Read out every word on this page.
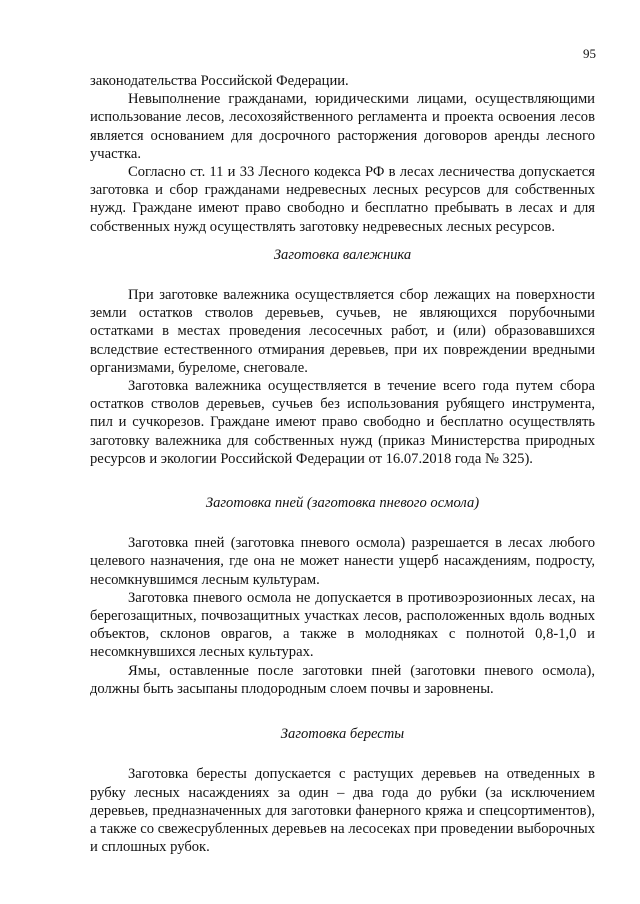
95

законодательства Российской Федерации.

Невыполнение гражданами, юридическими лицами, осуществляющими использование лесов, лесохозяйственного регламента и проекта освоения лесов является основанием для досрочного расторжения договоров аренды лесного участка.

Согласно ст. 11 и 33 Лесного кодекса РФ в лесах лесничества допускается заготовка и сбор гражданами недревесных лесных ресурсов для собственных нужд. Граждане имеют право свободно и бесплатно пребывать в лесах и для собственных нужд осуществлять заготовку недревесных лесных ресурсов.

Заготовка валежника

При заготовке валежника осуществляется сбор лежащих на поверхности земли остатков стволов деревьев, сучьев, не являющихся порубочными остатками в местах проведения лесосечных работ, и (или) образовавшихся вследствие естественного отмирания деревьев, при их повреждении вредными организмами, буреломе, снеговале.

Заготовка валежника осуществляется в течение всего года путем сбора остатков стволов деревьев, сучьев без использования рубящего инструмента, пил и сучкорезов. Граждане имеют право свободно и бесплатно осуществлять заготовку валежника для собственных нужд (приказ Министерства природных ресурсов и экологии Российской Федерации от 16.07.2018 года № 325).

Заготовка пней (заготовка пневого осмола)

Заготовка пней (заготовка пневого осмола) разрешается в лесах любого целевого назначения, где она не может нанести ущерб насаждениям, подросту, несомкнувшимся лесным культурам.

Заготовка пневого осмола не допускается в противоэрозионных лесах, на берегозащитных, почвозащитных участках лесов, расположенных вдоль водных объектов, склонов оврагов, а также в молодняках с полнотой 0,8-1,0 и несомкнувшихся лесных культурах.

Ямы, оставленные после заготовки пней (заготовки пневого осмола), должны быть засыпаны плодородным слоем почвы и заровнены.

Заготовка бересты

Заготовка бересты допускается с растущих деревьев на отведенных в рубку лесных насаждениях за один – два года до рубки (за исключением деревьев, предназначенных для заготовки фанерного кряжа и спецсортиментов), а также со свежесрубленных деревьев на лесосеках при проведении выборочных и сплошных рубок.
